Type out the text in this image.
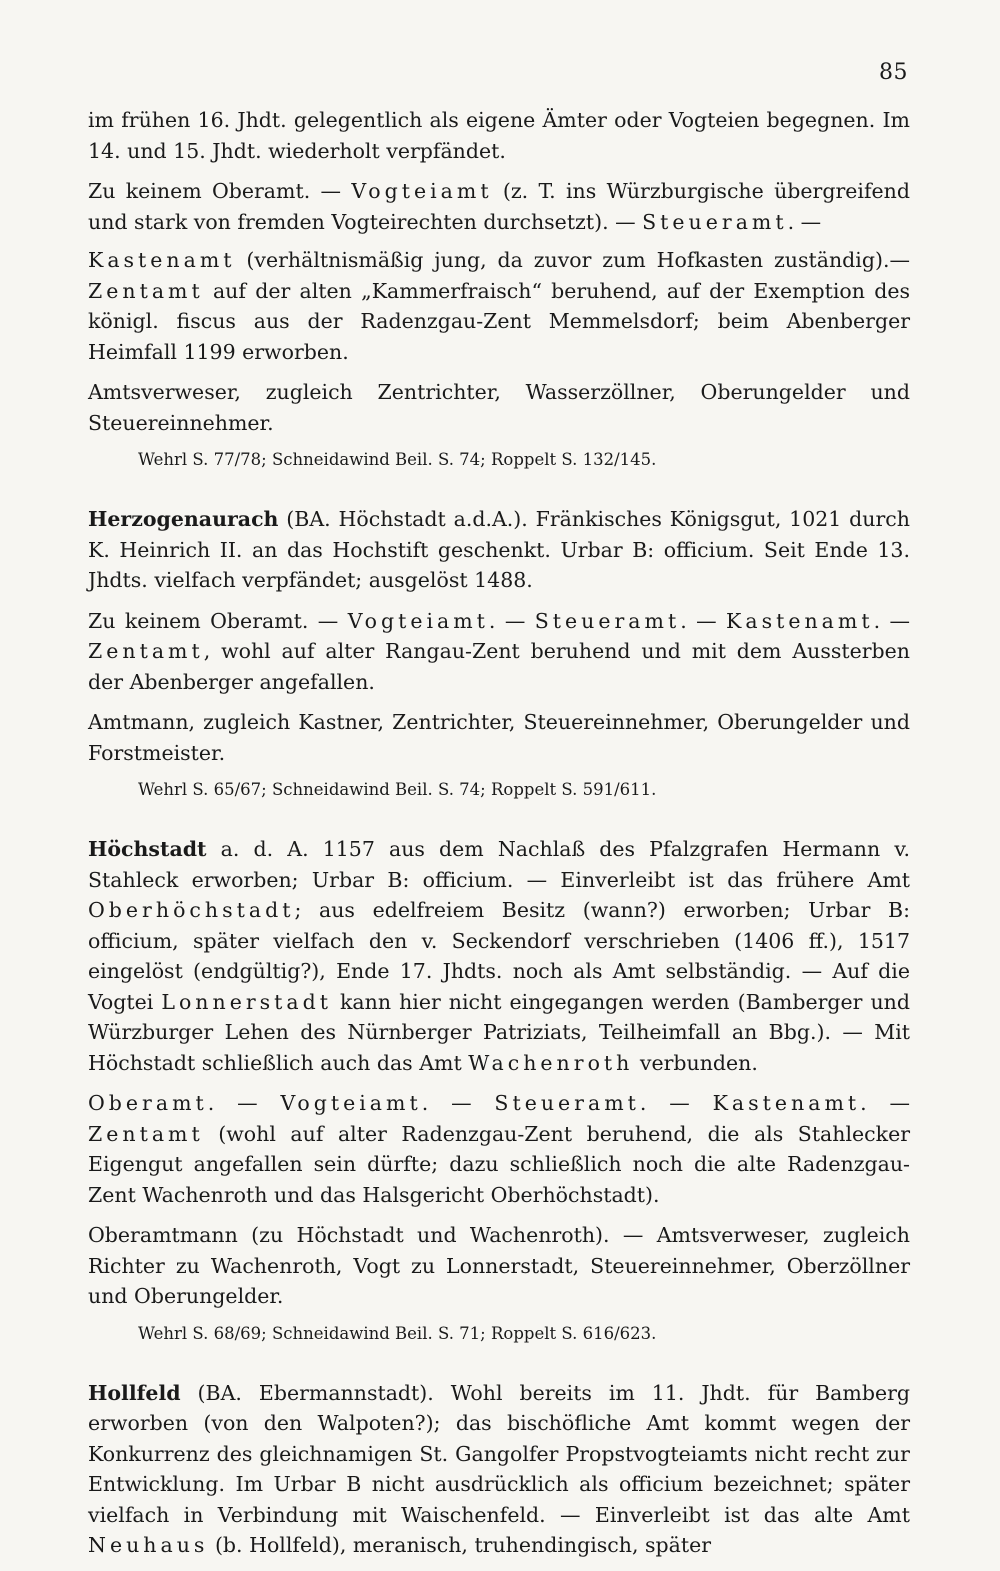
85

im frühen 16. Jhdt. gelegentlich als eigene Ämter oder Vogteien begegnen. Im 14. und 15. Jhdt. wiederholt verpfändet.

Zu keinem Oberamt. — Vogteiamt (z. T. ins Würzburgische übergreifend und stark von fremden Vogteirechten durchsetzt). — Steueramt. —

Kastenamt (verhältnismäßig jung, da zuvor zum Hofkasten zuständig).— Zentamt auf der alten „Kammerfraisch“ beruhend, auf der Exemption des königl. fiscus aus der Radenzgau-Zent Memmelsdorf; beim Abenberger Heimfall 1199 erworben.

Amtsverweser, zugleich Zentrichter, Wasserzöllner, Oberungelder und Steuereinnehmer.

Wehrl S. 77/78; Schneidawind Beil. S. 74; Roppelt S. 132/145.

Herzogenaurach (BA. Höchstadt a.d.A.). Fränkisches Königsgut, 1021 durch K. Heinrich II. an das Hochstift geschenkt. Urbar B: officium. Seit Ende 13. Jhdts. vielfach verpfändet; ausgelöst 1488.

Zu keinem Oberamt. — Vogteiamt. — Steueramt. — Kastenamt. — Zentamt, wohl auf alter Rangau-Zent beruhend und mit dem Aussterben der Abenberger angefallen.

Amtmann, zugleich Kastner, Zentrichter, Steuereinnehmer, Oberungelder und Forstmeister.

Wehrl S. 65/67; Schneidawind Beil. S. 74; Roppelt S. 591/611.

Höchstadt a. d. A. 1157 aus dem Nachlaß des Pfalzgrafen Hermann v. Stahleck erworben; Urbar B: officium. — Einverleibt ist das frühere Amt Oberhöchstadt; aus edelfreiem Besitz (wann?) erworben; Urbar B: officium, später vielfach den v. Seckendorf verschrieben (1406 ff.), 1517 eingelöst (endgültig?), Ende 17. Jhdts. noch als Amt selbständig. — Auf die Vogtei Lonnerstadt kann hier nicht eingegangen werden (Bamberger und Würzburger Lehen des Nürnberger Patriziats, Teilheimfall an Bbg.). — Mit Höchstadt schließlich auch das Amt Wachenroth verbunden.

Oberamt. — Vogteiamt. — Steueramt. — Kastenamt. — Zentamt (wohl auf alter Radenzgau-Zent beruhend, die als Stahlecker Eigengut angefallen sein dürfte; dazu schließlich noch die alte Radenzgau-Zent Wachenroth und das Halsgericht Oberhöchstadt).

Oberamtmann (zu Höchstadt und Wachenroth). — Amtsverweser, zugleich Richter zu Wachenroth, Vogt zu Lonnerstadt, Steuereinnehmer, Oberzöllner und Oberungelder.

Wehrl S. 68/69; Schneidawind Beil. S. 71; Roppelt S. 616/623.

Hollfeld (BA. Ebermannstadt). Wohl bereits im 11. Jhdt. für Bamberg erworben (von den Walpoten?); das bischöfliche Amt kommt wegen der Konkurrenz des gleichnamigen St. Gangolfer Propstvogteiamts nicht recht zur Entwicklung. Im Urbar B nicht ausdrücklich als officium bezeichnet; später vielfach in Verbindung mit Waischenfeld. — Einverleibt ist das alte Amt Neuhaus (b. Hollfeld), meranisch, truhendingisch, später
